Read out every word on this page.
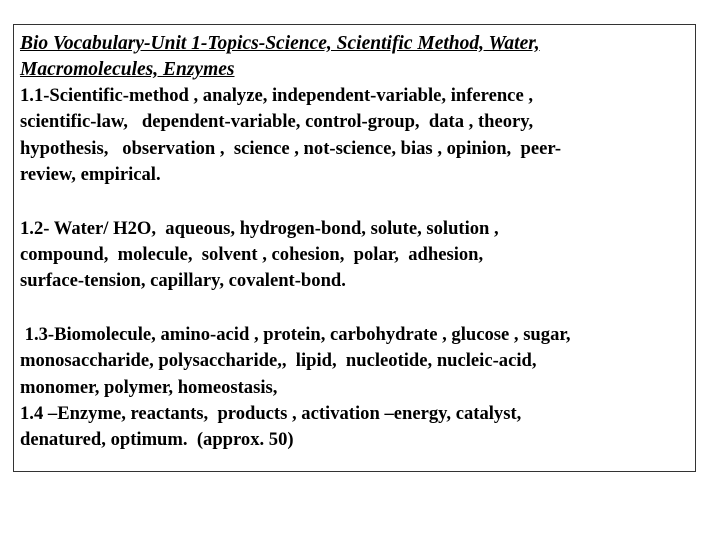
Bio Vocabulary-Unit 1-Topics-Science, Scientific Method, Water,
Macromolecules, Enzymes
1.1-Scientific-method , analyze, independent-variable, inference ,
scientific-law,   dependent-variable, control-group,  data , theory,
hypothesis,   observation ,  science , not-science, bias , opinion,  peer-
review, empirical.
1.2- Water/ H2O,  aqueous, hydrogen-bond, solute, solution ,
compound,  molecule,  solvent , cohesion,  polar,  adhesion,
surface-tension, capillary, covalent-bond.
1.3-Biomolecule, amino-acid , protein, carbohydrate , glucose , sugar,
monosaccharide, polysaccharide,,  lipid,  nucleotide, nucleic-acid,
monomer, polymer, homeostasis,
1.4 –Enzyme, reactants,  products , activation –energy, catalyst,
denatured, optimum.  (approx. 50)
